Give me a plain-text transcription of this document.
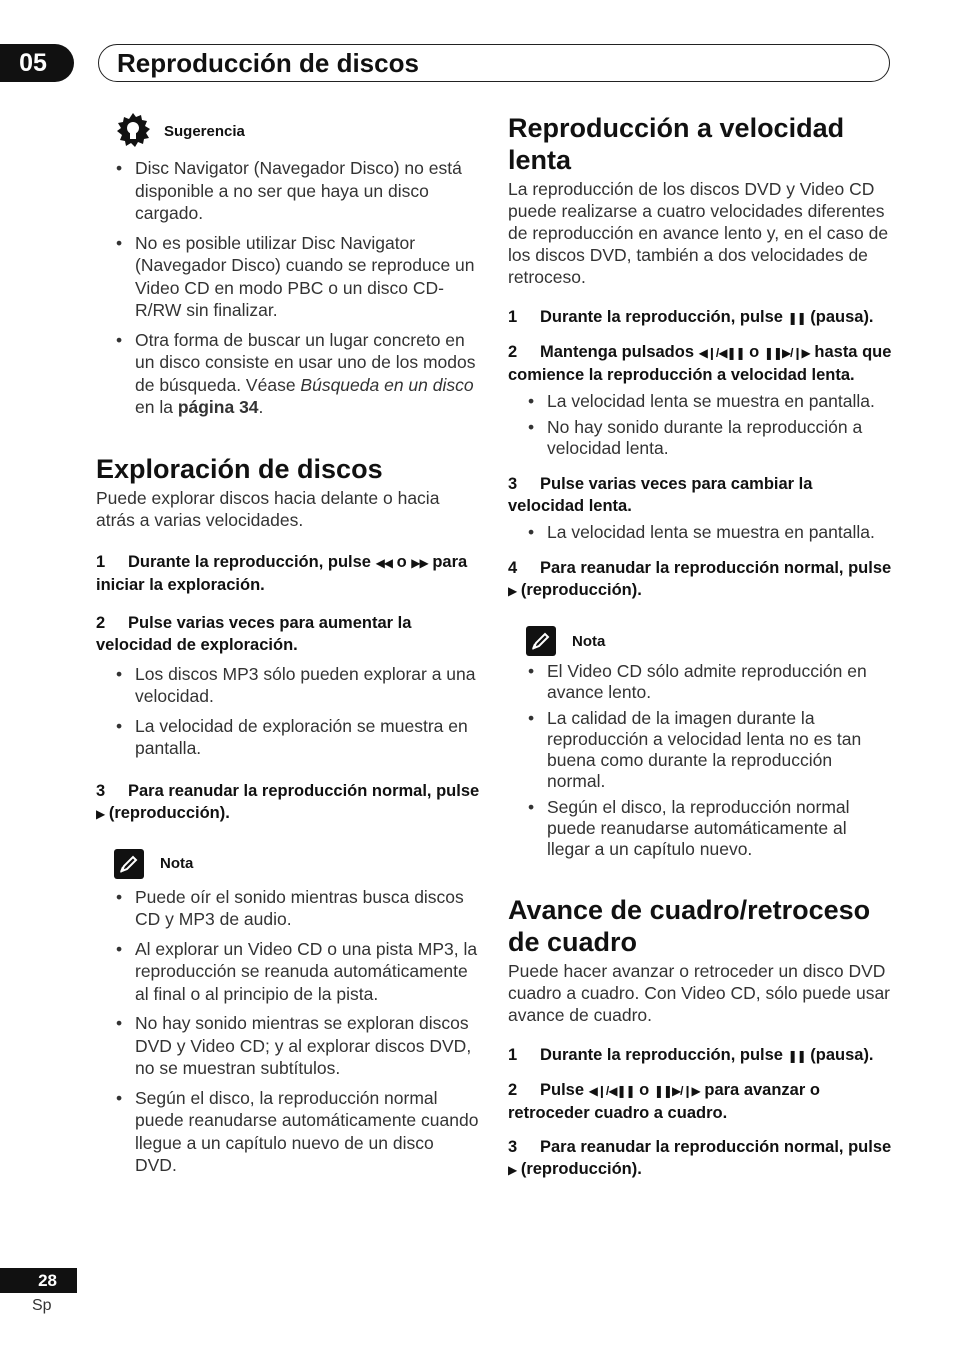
05	Reproducción de discos
Sugerencia
• Disc Navigator (Navegador Disco) no está disponible a no ser que haya un disco cargado.
• No es posible utilizar Disc Navigator (Navegador Disco) cuando se reproduce un Video CD en modo PBC o un disco CD-R/RW sin finalizar.
• Otra forma de buscar un lugar concreto en un disco consiste en usar uno de los modos de búsqueda. Véase Búsqueda en un disco en la página 34.
Exploración de discos

Puede explorar discos hacia delante o hacia atrás a varias velocidades.

1 Durante la reproducción, pulse ◀◀ o ▶▶ para iniciar la exploración.
2 Pulse varias veces para aumentar la velocidad de exploración.
• Los discos MP3 sólo pueden explorar a una velocidad.
• La velocidad de exploración se muestra en pantalla.
3 Para reanudar la reproducción normal, pulse ▶ (reproducción).
Nota
• Puede oír el sonido mientras busca discos CD y MP3 de audio.
• Al explorar un Video CD o una pista MP3, la reproducción se reanuda automáticamente al final o al principio de la pista.
• No hay sonido mientras se exploran discos DVD y Video CD; y al explorar discos DVD, no se muestran subtítulos.
• Según el disco, la reproducción normal puede reanudarse automáticamente cuando llegue a un capítulo nuevo de un disco DVD.
Reproducción a velocidad lenta

La reproducción de los discos DVD y Video CD puede realizarse a cuatro velocidades diferentes de reproducción en avance lento y, en el caso de los discos DVD, también a dos velocidades de retroceso.

1 Durante la reproducción, pulse ❚❚ (pausa).
2 Mantenga pulsados ◀❙/◀❚❚ o ❚❚▶/❙▶ hasta que comience la reproducción a velocidad lenta.
• La velocidad lenta se muestra en pantalla.
• No hay sonido durante la reproducción a velocidad lenta.
3 Pulse varias veces para cambiar la velocidad lenta.
• La velocidad lenta se muestra en pantalla.
4 Para reanudar la reproducción normal, pulse ▶ (reproducción).
Nota
• El Video CD sólo admite reproducción en avance lento.
• La calidad de la imagen durante la reproducción a velocidad lenta no es tan buena como durante la reproducción normal.
• Según el disco, la reproducción normal puede reanudarse automáticamente al llegar a un capítulo nuevo.
Avance de cuadro/retroceso de cuadro

Puede hacer avanzar o retroceder un disco DVD cuadro a cuadro. Con Video CD, sólo puede usar avance de cuadro.

1 Durante la reproducción, pulse ❚❚ (pausa).
2 Pulse ◀❙/◀❚❚ o ❚❚▶/❙▶ para avanzar o retroceder cuadro a cuadro.
3 Para reanudar la reproducción normal, pulse ▶ (reproducción).
28
Sp
